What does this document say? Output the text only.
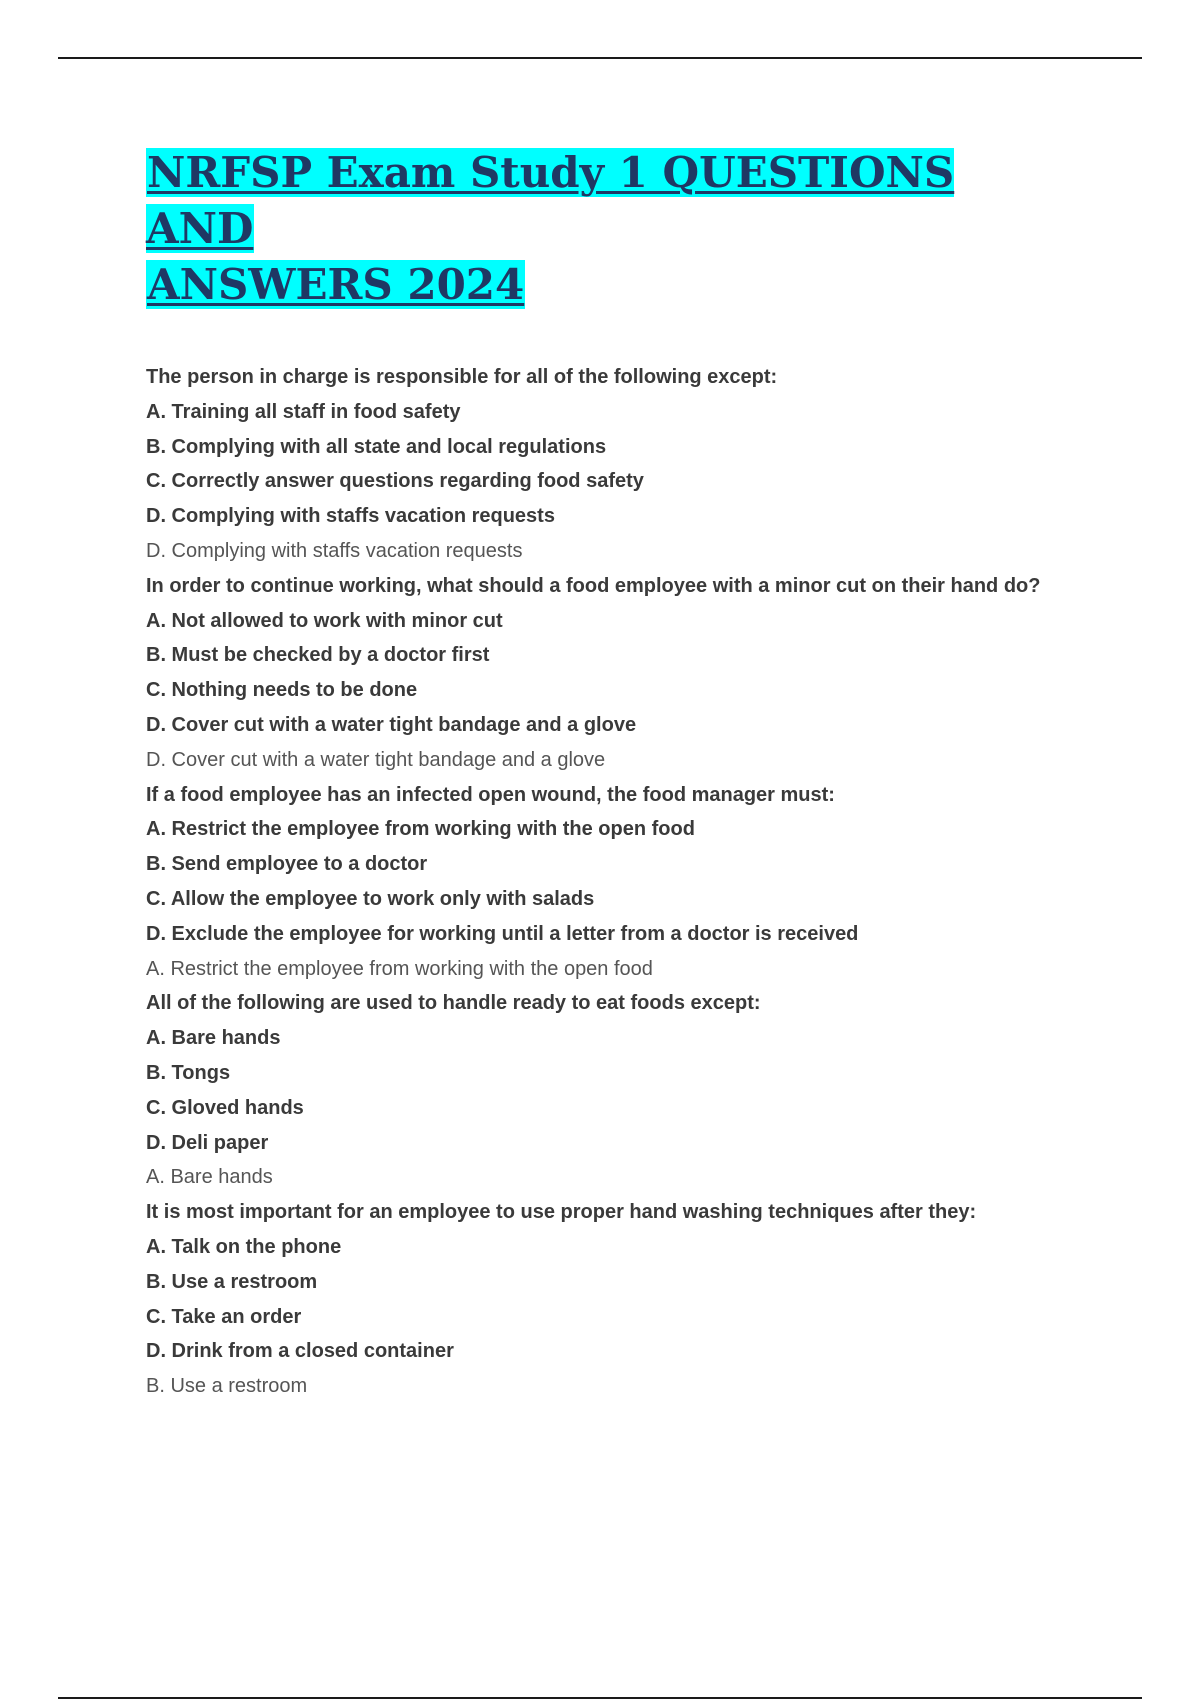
NRFSP Exam Study 1 QUESTIONS AND
ANSWERS 2024
The person in charge is responsible for all of the following except:
A. Training all staff in food safety
B. Complying with all state and local regulations
C. Correctly answer questions regarding food safety
D. Complying with staffs vacation requests
D. Complying with staffs vacation requests
In order to continue working, what should a food employee with a minor cut on their hand do?
A. Not allowed to work with minor cut
B. Must be checked by a doctor first
C. Nothing needs to be done
D. Cover cut with a water tight bandage and a glove
D. Cover cut with a water tight bandage and a glove
If a food employee has an infected open wound, the food manager must:
A. Restrict the employee from working with the open food
B. Send employee to a doctor
C. Allow the employee to work only with salads
D. Exclude the employee for working until a letter from a doctor is received
A. Restrict the employee from working with the open food
All of the following are used to handle ready to eat foods except:
A. Bare hands
B. Tongs
C. Gloved hands
D. Deli paper
A. Bare hands
It is most important for an employee to use proper hand washing techniques after they:
A. Talk on the phone
B. Use a restroom
C. Take an order
D. Drink from a closed container
B. Use a restroom
